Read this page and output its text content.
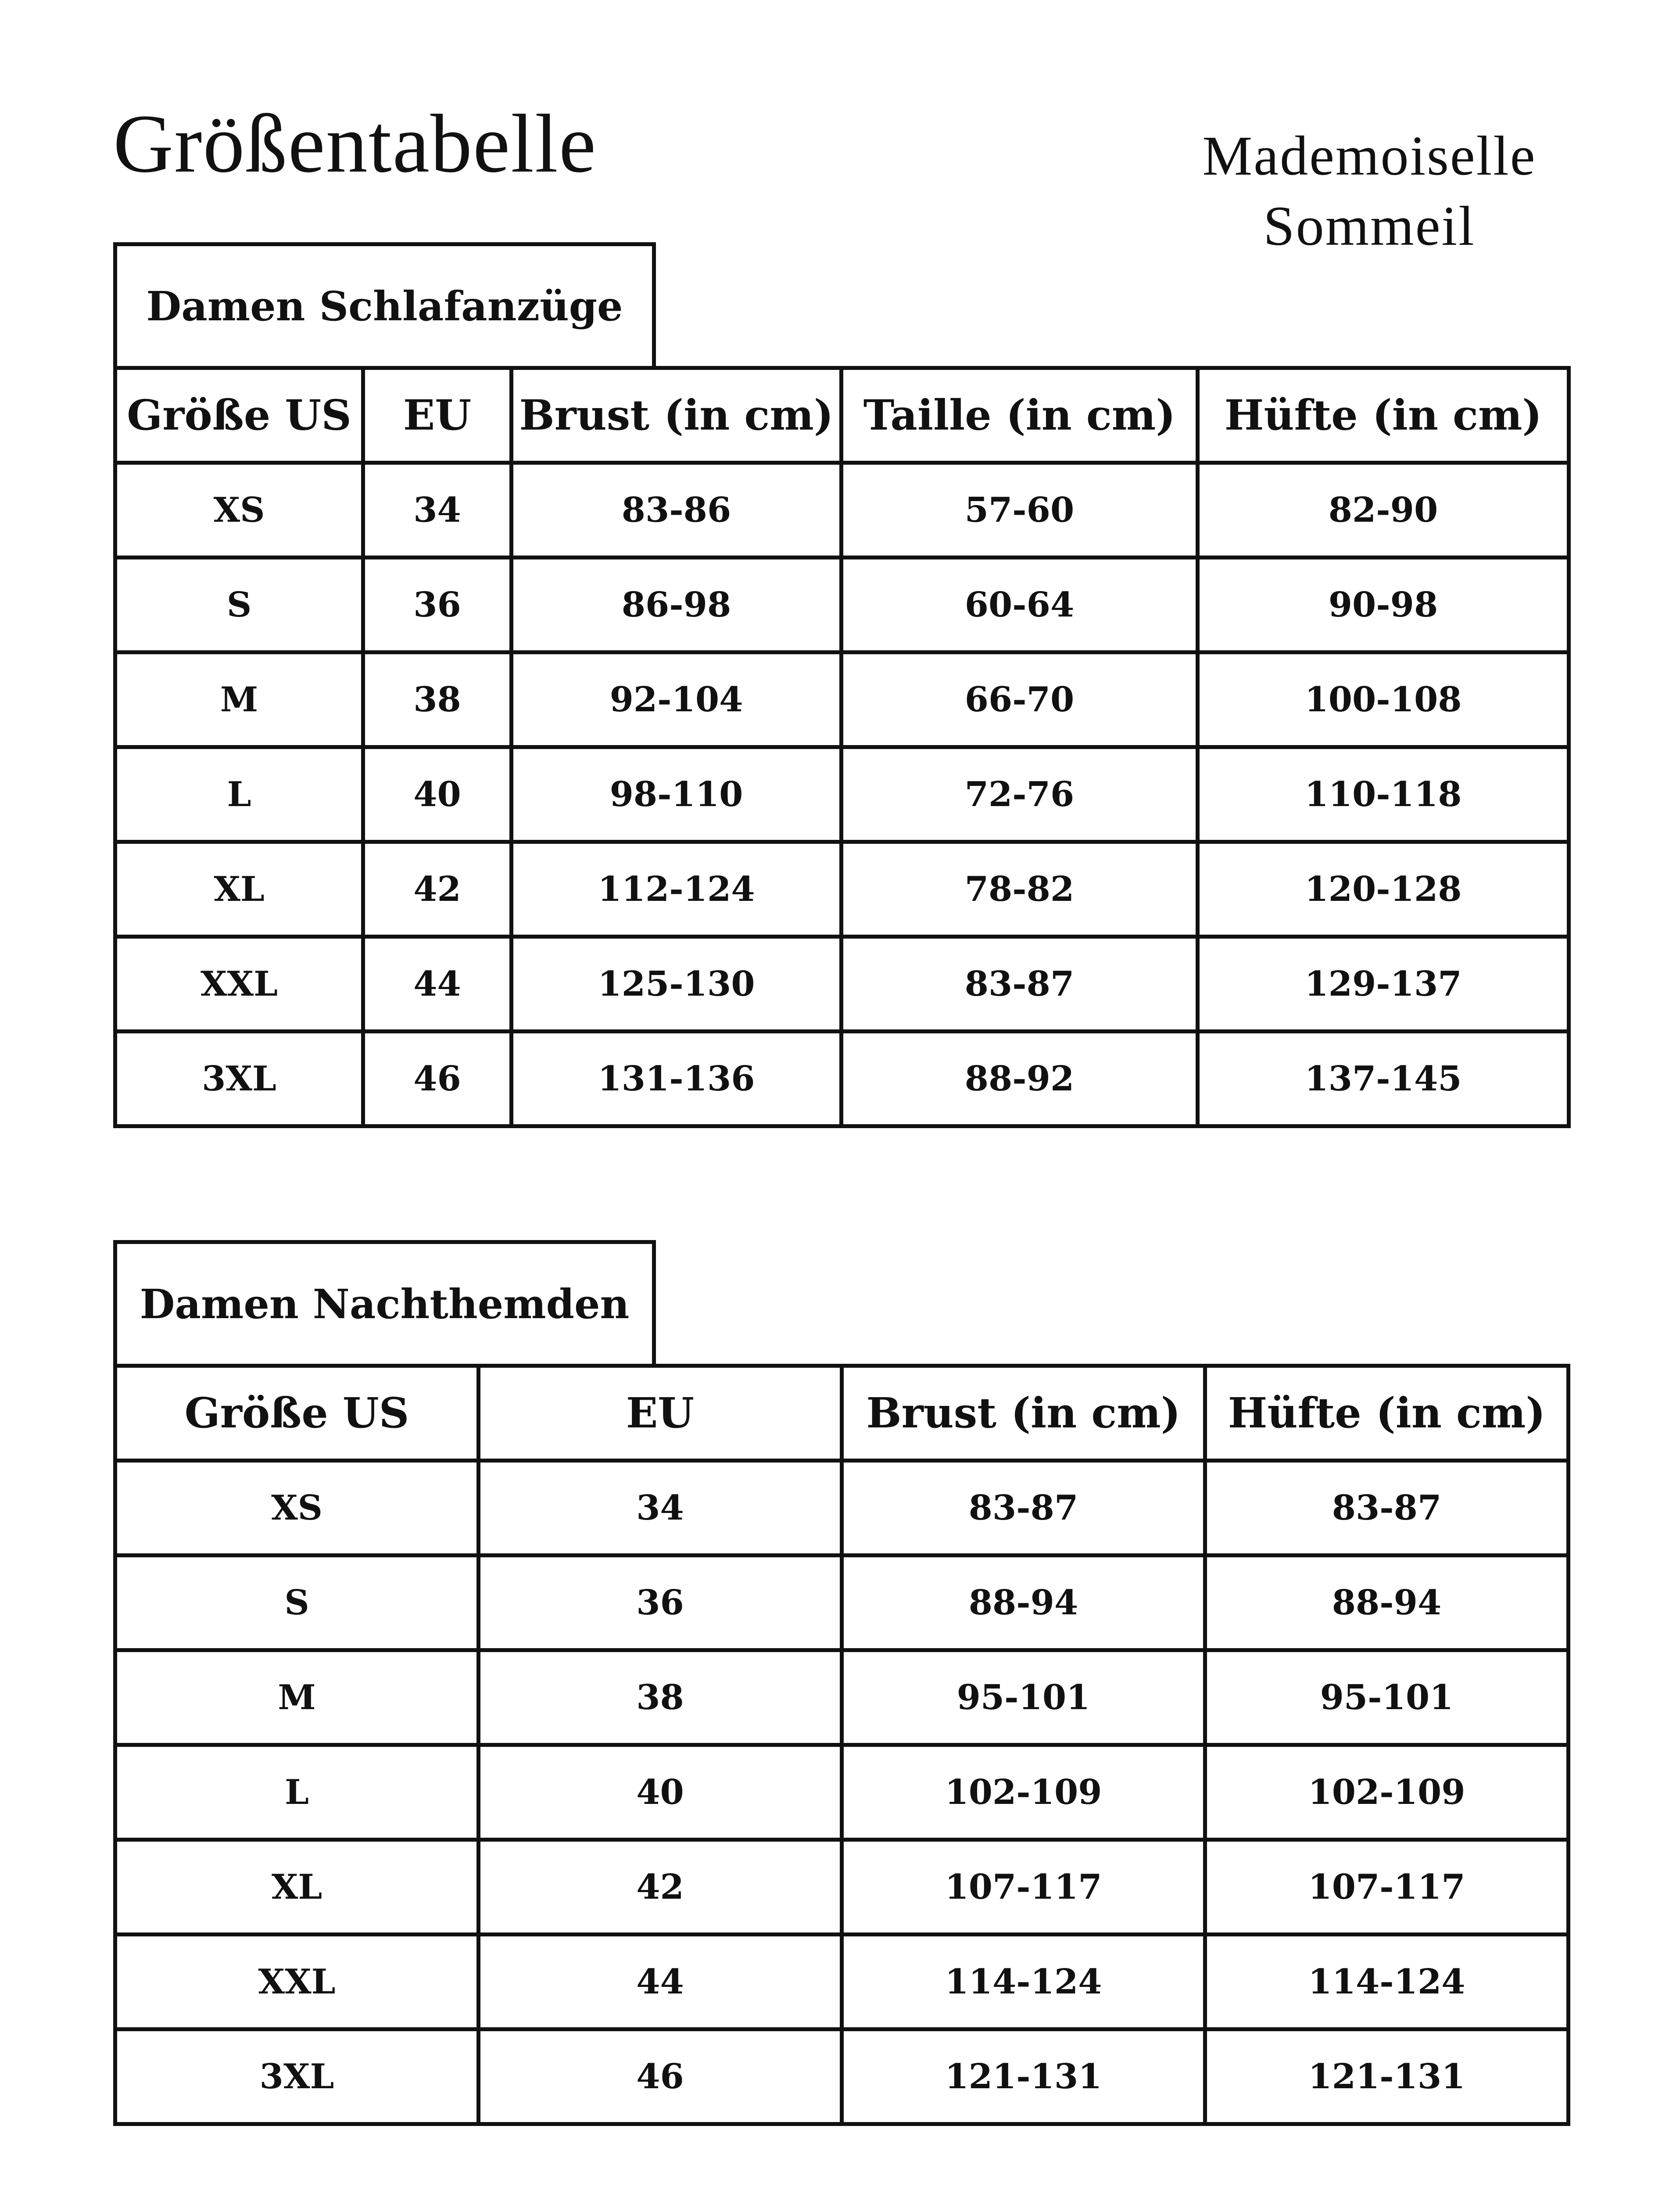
Größentabelle	Mademoiselle
Sommeil
Damen Schlafanzüge
Größe US	EU	Brust (in cm)	Taille (in cm)	Hüfte (in cm)
XS	34	83-86	57-60	82-90
S	36	86-98	60-64	90-98
M	38	92-104	66-70	100-108
L	40	98-110	72-76	110-118
XL	42	112-124	78-82	120-128
XXL	44	125-130	83-87	129-137
3XL	46	131-136	88-92	137-145
Damen Nachthemden
Größe US	EU	Brust (in cm)	Hüfte (in cm)
XS	34	83-87	83-87
S	36	88-94	88-94
M	38	95-101	95-101
L	40	102-109	102-109
XL	42	107-117	107-117
XXL	44	114-124	114-124
3XL	46	121-131	121-131
